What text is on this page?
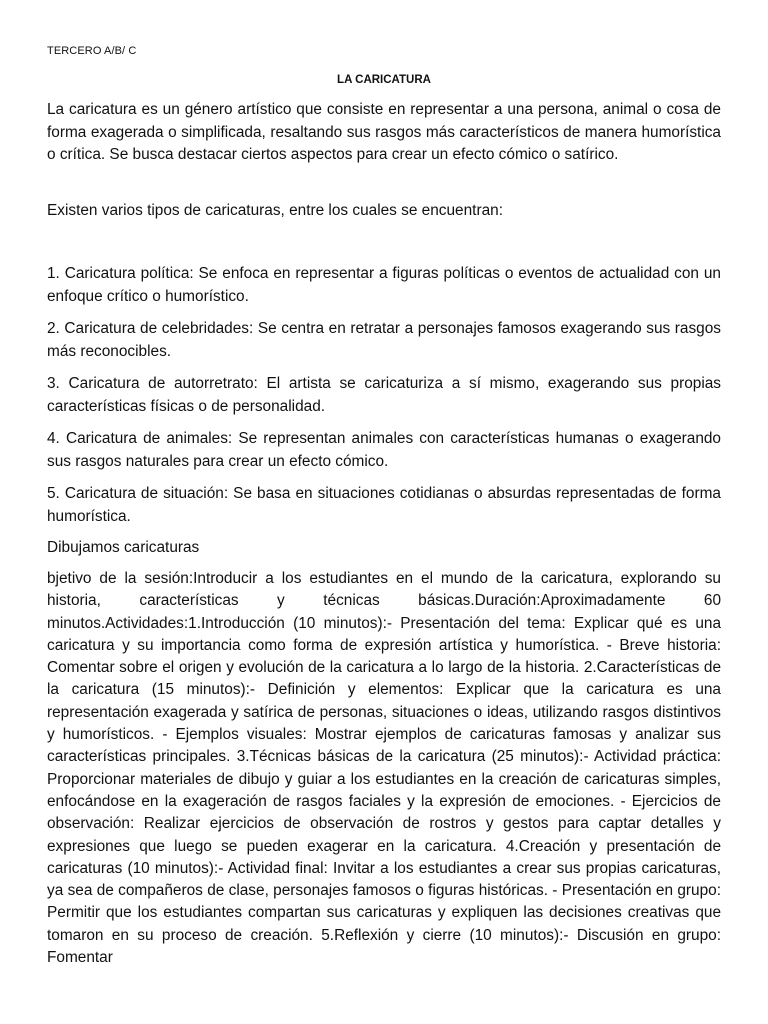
TERCERO A/B/ C
LA CARICATURA

La caricatura es un género artístico que consiste en representar a una persona, animal o cosa de forma exagerada o simplificada, resaltando sus rasgos más característicos de manera humorística o crítica. Se busca destacar ciertos aspectos para crear un efecto cómico o satírico.

Existen varios tipos de caricaturas, entre los cuales se encuentran:

1. Caricatura política: Se enfoca en representar a figuras políticas o eventos de actualidad con un enfoque crítico o humorístico.
2. Caricatura de celebridades: Se centra en retratar a personajes famosos exagerando sus rasgos más reconocibles.
3. Caricatura de autorretrato: El artista se caricaturiza a sí mismo, exagerando sus propias características físicas o de personalidad.
4. Caricatura de animales: Se representan animales con características humanas o exagerando sus rasgos naturales para crear un efecto cómico.
5. Caricatura de situación: Se basa en situaciones cotidianas o absurdas representadas de forma humorística.

Dibujamos caricaturas

bjetivo de la sesión:Introducir a los estudiantes en el mundo de la caricatura, explorando su historia, características y técnicas básicas.Duración:Aproximadamente 60 minutos.Actividades:1.Introducción (10 minutos):- Presentación del tema: Explicar qué es una caricatura y su importancia como forma de expresión artística y humorística. - Breve historia: Comentar sobre el origen y evolución de la caricatura a lo largo de la historia. 2.Características de la caricatura (15 minutos):- Definición y elementos: Explicar que la caricatura es una representación exagerada y satírica de personas, situaciones o ideas, utilizando rasgos distintivos y humorísticos. - Ejemplos visuales: Mostrar ejemplos de caricaturas famosas y analizar sus características principales. 3.Técnicas básicas de la caricatura (25 minutos):- Actividad práctica: Proporcionar materiales de dibujo y guiar a los estudiantes en la creación de caricaturas simples, enfocándose en la exageración de rasgos faciales y la expresión de emociones. - Ejercicios de observación: Realizar ejercicios de observación de rostros y gestos para captar detalles y expresiones que luego se pueden exagerar en la caricatura. 4.Creación y presentación de caricaturas (10 minutos):- Actividad final: Invitar a los estudiantes a crear sus propias caricaturas, ya sea de compañeros de clase, personajes famosos o figuras históricas. - Presentación en grupo: Permitir que los estudiantes compartan sus caricaturas y expliquen las decisiones creativas que tomaron en su proceso de creación. 5.Reflexión y cierre (10 minutos):- Discusión en grupo: Fomentar
